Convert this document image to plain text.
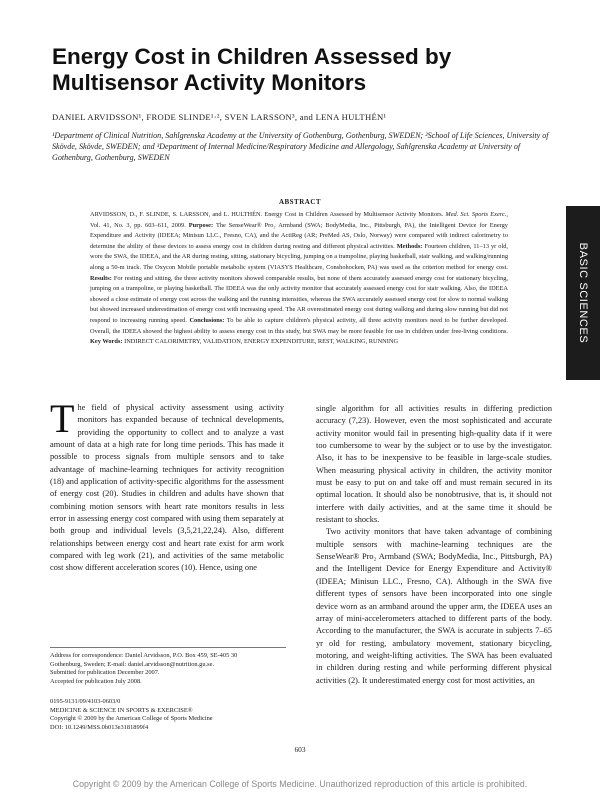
Energy Cost in Children Assessed by Multisensor Activity Monitors
DANIEL ARVIDSSON¹, FRODE SLINDE¹·², SVEN LARSSON³, and LENA HULTHÉN¹
¹Department of Clinical Nutrition, Sahlgrenska Academy at the University of Gothenburg, Gothenburg, SWEDEN; ²School of Life Sciences, University of Skövde, Skövde, SWEDEN; and ³Department of Internal Medicine/Respiratory Medicine and Allergology, Sahlgrenska Academy at University of Gothenburg, Gothenburg, SWEDEN
ABSTRACT
ARVIDSSON, D., F. SLINDE, S. LARSSON, and L. HULTHÉN. Energy Cost in Children Assessed by Multisensor Activity Monitors. Med. Sci. Sports Exerc., Vol. 41, No. 3, pp. 603–611, 2009. Purpose: The SenseWear® Pro₂ Armband (SWA; BodyMedia, Inc., Pittsburgh, PA), the Intelligent Device for Energy Expenditure and Activity (IDEEA; Minisun LLC., Fresno, CA), and the ActiReg (AR; PreMed AS, Oslo, Norway) were compared with indirect calorimetry to determine the ability of these devices to assess energy cost in children during resting and different physical activities. Methods: Fourteen children, 11–13 yr old, wore the SWA, the IDEEA, and the AR during resting, sitting, stationary bicycling, jumping on a trampoline, playing basketball, stair walking, and walking/running along a 50-m track. The Oxycon Mobile portable metabolic system (VIASYS Healthcare, Conshohocken, PA) was used as the criterion method for energy cost. Results: For resting and sitting, the three activity monitors showed comparable results, but none of them accurately assessed energy cost for stationary bicycling, jumping on a trampoline, or playing basketball. The IDEEA was the only activity monitor that accurately assessed energy cost for stair walking. Also, the IDEEA showed a close estimate of energy cost across the walking and the running intensities, whereas the SWA accurately assessed energy cost for slow to normal walking but showed increased underestimation of energy cost with increasing speed. The AR overestimated energy cost during walking and during slow running but did not respond to increasing running speed. Conclusions: To be able to capture children's physical activity, all three activity monitors need to be further developed. Overall, the IDEEA showed the highest ability to assess energy cost in this study, but SWA may be more feasible for use in children under free-living conditions. Key Words: INDIRECT CALORIMETRY, VALIDATION, ENERGY EXPENDITURE, REST, WALKING, RUNNING	BASIC SCIENCES

The field of physical activity assessment using activity monitors has expanded because of technical developments, providing the opportunity to collect and to analyze a vast amount of data at a high rate for long time periods. This has made it possible to process signals from multiple sensors and to take advantage of machine-learning techniques for activity recognition (18) and application of activity-specific algorithms for the assessment of energy cost (20). Studies in children and adults have shown that combining motion sensors with heart rate monitors results in less error in assessing energy cost compared with using them separately at both group and individual levels (3,5,21,22,24). Also, different relationships between energy cost and heart rate exist for arm work compared with leg work (21), and activities of the same metabolic cost show different acceleration scores (10). Hence, using one

single algorithm for all activities results in differing prediction accuracy (7,23). However, even the most sophisticated and accurate activity monitor would fail in presenting high-quality data if it were too cumbersome to wear by the subject or to use by the investigator. Also, it has to be inexpensive to be feasible in large-scale studies. When measuring physical activity in children, the activity monitor must be easy to put on and take off and must remain secured in its optimal location. It should also be nonobtrusive, that is, it should not interfere with daily activities, and at the same time it should be resistant to shocks.

Two activity monitors that have taken advantage of combining multiple sensors with machine-learning techniques are the SenseWear® Pro₂ Armband (SWA; BodyMedia, Inc., Pittsburgh, PA) and the Intelligent Device for Energy Expenditure and Activity® (IDEEA; Minisun LLC., Fresno, CA). Although in the SWA five different types of sensors have been incorporated into one single device worn as an armband around the upper arm, the IDEEA uses an array of mini-accelerometers attached to different parts of the body. According to the manufacturer, the SWA is accurate in subjects 7–65 yr old for resting, ambulatory movement, stationary bicycling, motoring, and weight-lifting activities. The SWA has been evaluated in children during resting and while performing different physical activities (2). It underestimated energy cost for most activities, an

Address for correspondence: Daniel Arvidsson, P.O. Box 459, SE-405 30
Gothenburg, Sweden; E-mail: daniel.arvidsson@nutrition.gu.se.
Submitted for publication December 2007.
Accepted for publication July 2008.
0195-9131/09/4103-0603/0
MEDICINE & SCIENCE IN SPORTS & EXERCISE®
Copyright © 2009 by the American College of Sports Medicine
DOI: 10.1249/MSS.0b013e3181899f4
603
Copyright © 2009 by the American College of Sports Medicine. Unauthorized reproduction of this article is prohibited.
